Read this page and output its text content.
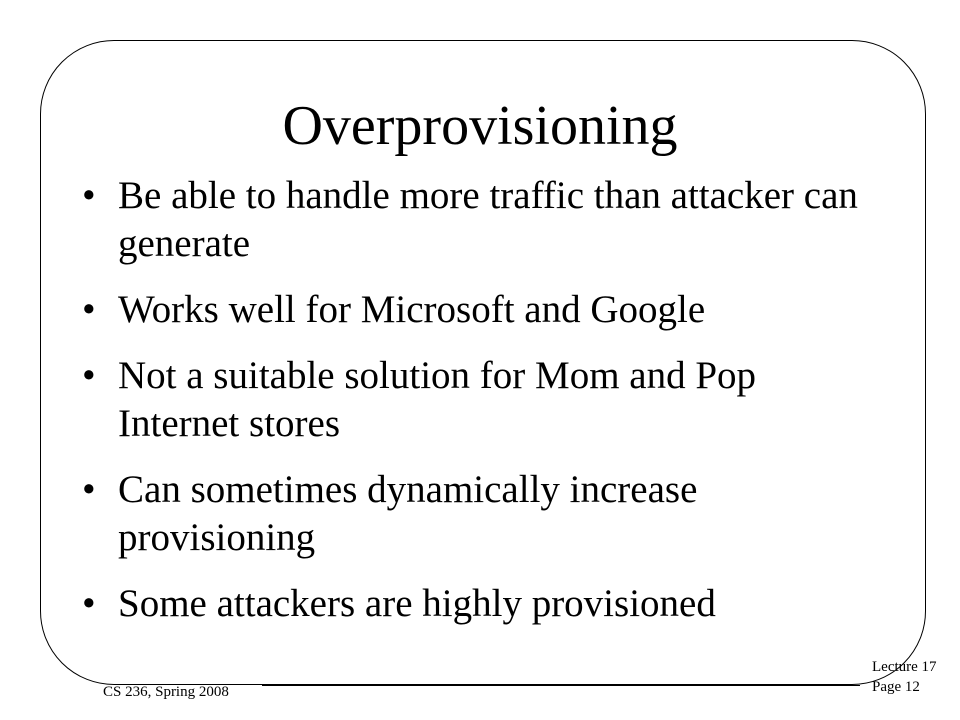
Overprovisioning
• Be able to handle more traffic than attacker can generate
• Works well for Microsoft and Google
• Not a suitable solution for Mom and Pop Internet stores
• Can sometimes dynamically increase provisioning
• Some attackers are highly provisioned
CS 236, Spring 2008
Lecture 17
Page 12
